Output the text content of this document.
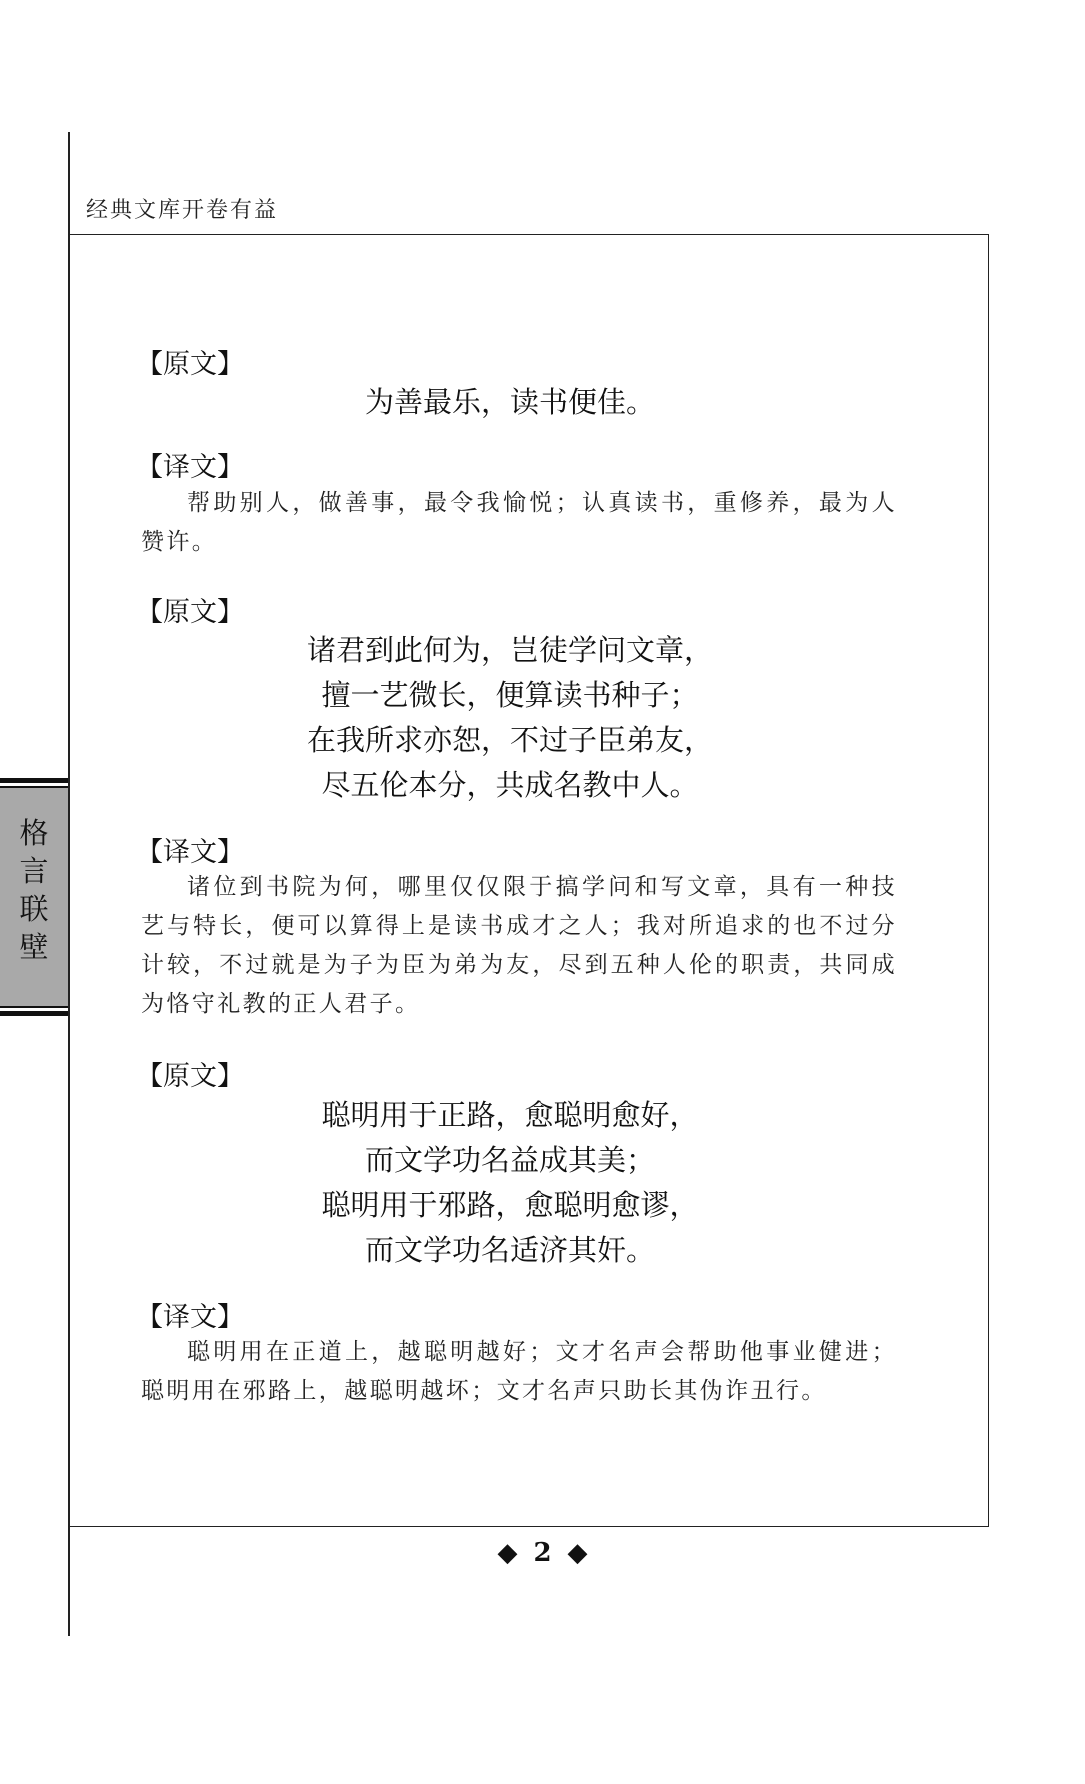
经典文库开卷有益
格
言
联
壁
【原文】
为善最乐，读书便佳。
【译文】

帮助别人，做善事，最令我愉悦；认真读书，重修养，最为人赞许。

【原文】
诸君到此何为，岂徒学问文章，
擅一艺微长，便算读书种子；
在我所求亦恕，不过子臣弟友，
尽五伦本分，共成名教中人。
【译文】

诸位到书院为何，哪里仅仅限于搞学问和写文章，具有一种技艺与特长，便可以算得上是读书成才之人；我对所追求的也不过分计较，不过就是为子为臣为弟为友，尽到五种人伦的职责，共同成为恪守礼教的正人君子。

【原文】
聪明用于正路，愈聪明愈好，
而文学功名益成其美；
聪明用于邪路，愈聪明愈谬，
而文学功名适济其奸。
【译文】

聪明用在正道上，越聪明越好；文才名声会帮助他事业健进；聪明用在邪路上，越聪明越坏；文才名声只助长其伪诈丑行。

◆ 2 ◆
